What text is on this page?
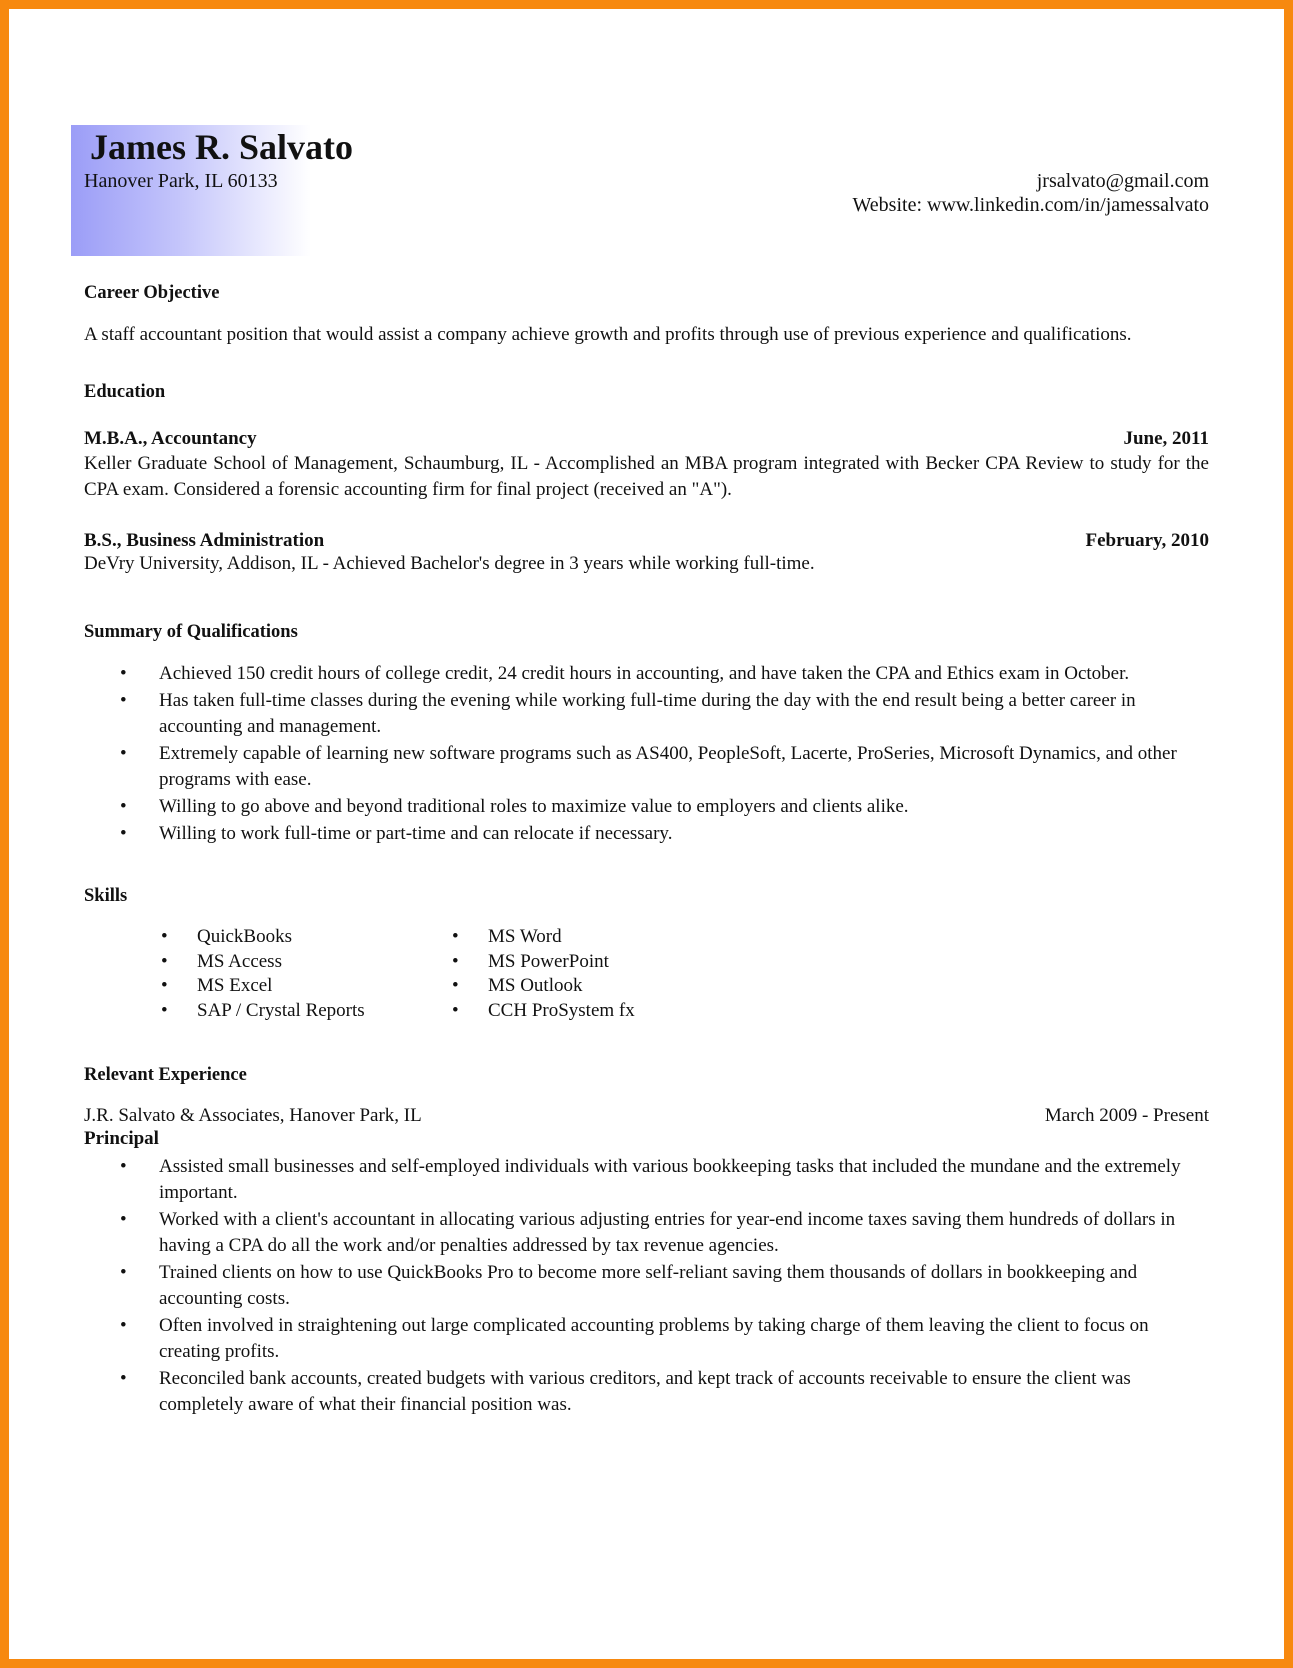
James R. Salvato
Hanover Park, IL 60133	jrsalvato@gmail.com
Website: www.linkedin.com/in/jamessalvato
Career Objective
A staff accountant position that would assist a company achieve growth and profits through use of previous experience and qualifications.
Education
M.B.A., Accountancy	June, 2011
Keller Graduate School of Management, Schaumburg, IL - Accomplished an MBA program integrated with Becker CPA Review to study for the CPA exam. Considered a forensic accounting firm for final project (received an "A").
B.S., Business Administration	February, 2010
DeVry University, Addison, IL - Achieved Bachelor's degree in 3 years while working full-time.
Summary of Qualifications
• Achieved 150 credit hours of college credit, 24 credit hours in accounting, and have taken the CPA and Ethics exam in October.
• Has taken full-time classes during the evening while working full-time during the day with the end result being a better career in accounting and management.
• Extremely capable of learning new software programs such as AS400, PeopleSoft, Lacerte, ProSeries, Microsoft Dynamics, and other programs with ease.
• Willing to go above and beyond traditional roles to maximize value to employers and clients alike.
• Willing to work full-time or part-time and can relocate if necessary.
Skills
• QuickBooks
• MS Access
• MS Excel
• SAP / Crystal Reports
• MS Word
• MS PowerPoint
• MS Outlook
• CCH ProSystem fx
Relevant Experience
J.R. Salvato & Associates, Hanover Park, IL	March 2009 - Present
Principal
• Assisted small businesses and self-employed individuals with various bookkeeping tasks that included the mundane and the extremely important.
• Worked with a client's accountant in allocating various adjusting entries for year-end income taxes saving them hundreds of dollars in having a CPA do all the work and/or penalties addressed by tax revenue agencies.
• Trained clients on how to use QuickBooks Pro to become more self-reliant saving them thousands of dollars in bookkeeping and accounting costs.
• Often involved in straightening out large complicated accounting problems by taking charge of them leaving the client to focus on creating profits.
• Reconciled bank accounts, created budgets with various creditors, and kept track of accounts receivable to ensure the client was completely aware of what their financial position was.
